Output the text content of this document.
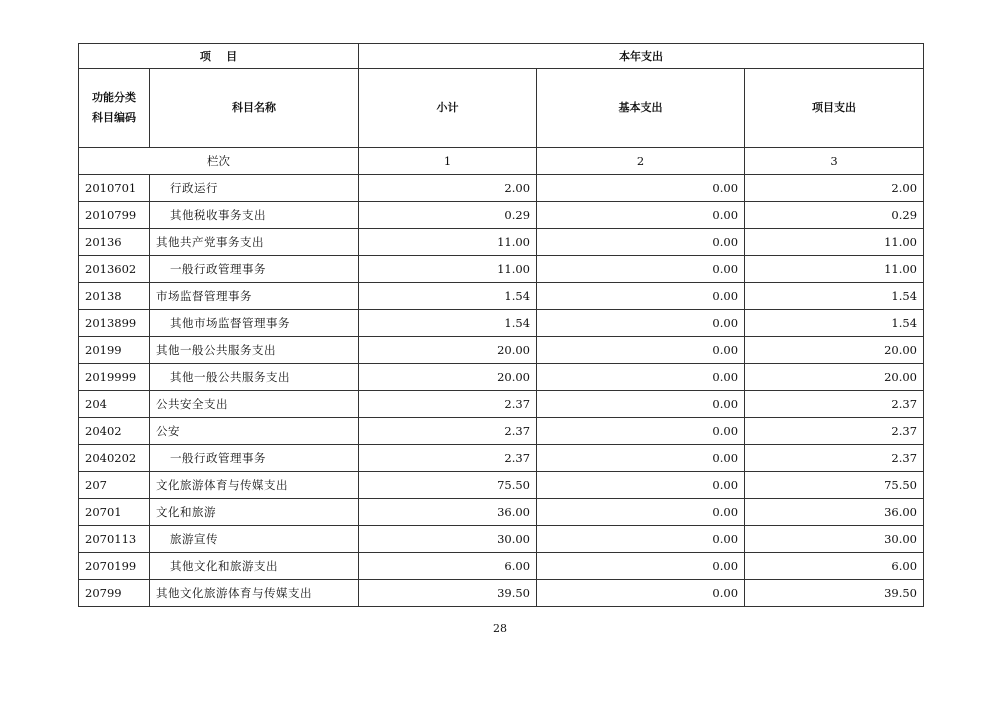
项    目		本年支出		

功能分类
科目编码	科目名称	小计	基本支出	项目支出
栏次		1	2	3
2010701	行政运行	2.00	0.00	2.00
2010799	其他税收事务支出	0.29	0.00	0.29
20136	其他共产党事务支出	11.00	0.00	11.00
2013602	一般行政管理事务	11.00	0.00	11.00
20138	市场监督管理事务	1.54	0.00	1.54
2013899	其他市场监督管理事务	1.54	0.00	1.54
20199	其他一般公共服务支出	20.00	0.00	20.00
2019999	其他一般公共服务支出	20.00	0.00	20.00
204	公共安全支出	2.37	0.00	2.37
20402	公安	2.37	0.00	2.37
2040202	一般行政管理事务	2.37	0.00	2.37
207	文化旅游体育与传媒支出	75.50	0.00	75.50
20701	文化和旅游	36.00	0.00	36.00
2070113	旅游宣传	30.00	0.00	30.00
2070199	其他文化和旅游支出	6.00	0.00	6.00
20799	其他文化旅游体育与传媒支出	39.50	0.00	39.50
28
